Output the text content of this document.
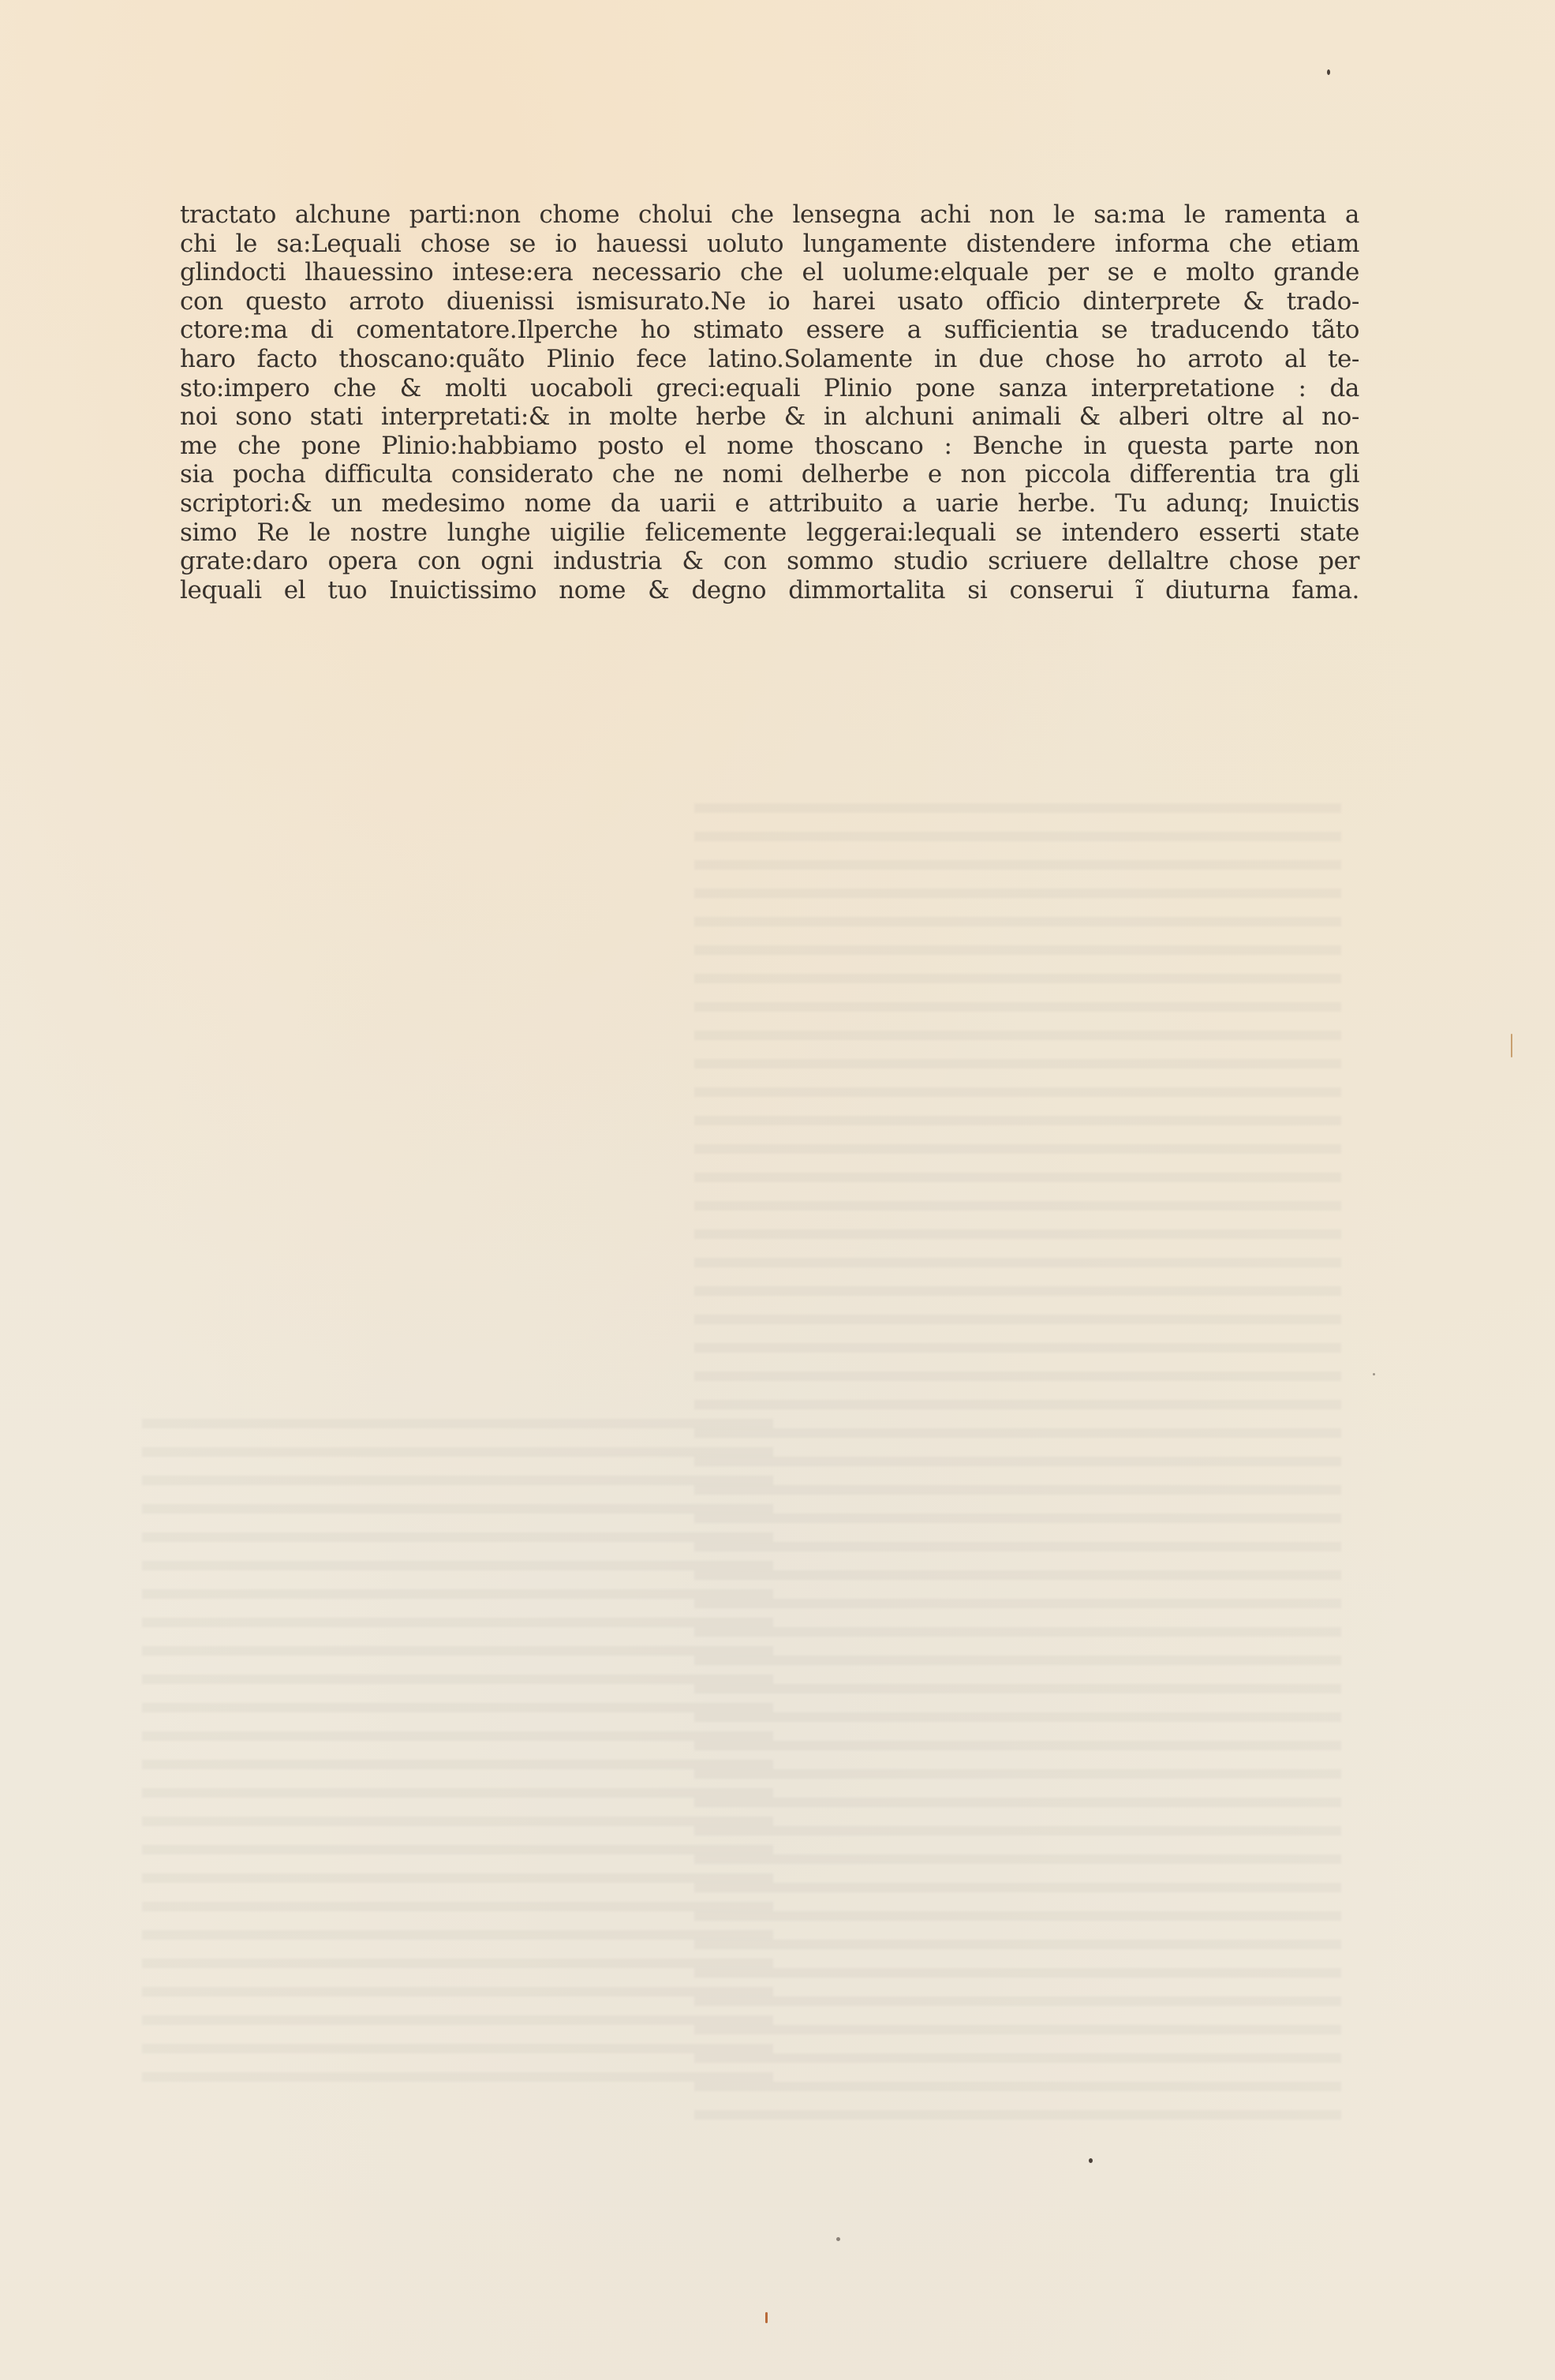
tractato alchune parti:non chome cholui che lensegna achi non le sa:ma le ramenta a
chi le sa:Lequali chose se io hauessi uoluto lungamente distendere informa che etiam
glindocti lhauessino intese:era necessario che el uolume:elquale per se e molto grande
con questo arroto diuenissi ismisurato.Ne io harei usato officio dinterprete & trado-
ctore:ma di comentatore.Ilperche ho stimato essere a sufficientia se traducendo tãto
haro facto thoscano:quãto Plinio fece latino.Solamente in due chose ho arroto al te-
sto:impero che & molti uocaboli greci:equali Plinio pone sanza interpretatione : da
noi sono stati interpretati:& in molte herbe & in alchuni animali & alberi oltre al no-
me che pone Plinio:habbiamo posto el nome thoscano : Benche in questa parte non
sia pocha difficulta considerato che ne nomi delherbe e non piccola differentia tra gli
scriptori:& un medesimo nome da uarii e attribuito a uarie herbe. Tu adunq; Inuictis
simo Re le nostre lunghe uigilie felicemente leggerai:lequali se intendero esserti state
grate:daro opera con ogni industria & con sommo studio scriuere dellaltre chose per
lequali el tuo Inuictissimo nome & degno dimmortalita si conserui ĩ diuturna fama.
